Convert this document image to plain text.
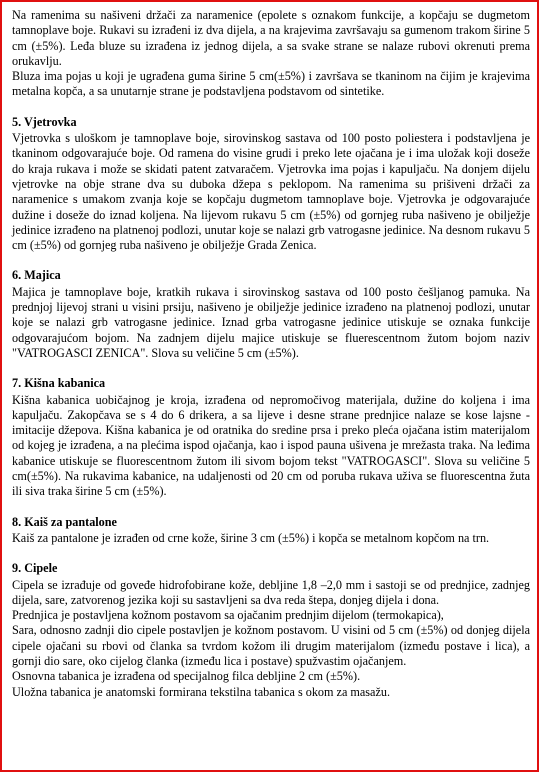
Na ramenima su našiveni držači za naramenice (epolete s oznakom funkcije, a kopčaju se dugmetom tamnoplave boje. Rukavi su izrađeni iz dva dijela, a na krajevima završavaju sa gumenom trakom širine 5 cm (±5%). Leđa bluze su izrađena iz jednog dijela, a sa svake strane se nalaze rubovi okrenuti prema orukavlju.

Bluza ima pojas u koji je ugrađena guma širine 5 cm(±5%) i završava se tkaninom na čijim je krajevima metalna kopča, a sa unutarnje strane je podstavljena podstavom od sintetike.

5. Vjetrovka

Vjetrovka s uloškom je tamnoplave boje, sirovinskog sastava od 100 posto poliestera i podstavljena je tkaninom odgovarajuće boje. Od ramena do visine grudi i preko lete ojačana je i ima uložak koji doseže do kraja rukava i može se skidati patent zatvaračem. Vjetrovka ima pojas i kapuljaču. Na donjem dijelu vjetrovke na obje strane dva su duboka džepa s peklopom. Na ramenima su prišiveni držači za naramenice s umakom zvanja koje se kopčaju dugmetom tamnoplave boje. Vjetrovka je odgovarajuće dužine i doseže do iznad koljena. Na lijevom rukavu 5 cm (±5%) od gornjeg ruba našiveno je obilježje jedinice izrađeno na platnenoj podlozi, unutar koje se nalazi grb vatrogasne jedinice. Na desnom rukavu 5 cm (±5%) od gornjeg ruba našiveno je obilježje Grada Zenica.

6. Majica

Majica je tamnoplave boje, kratkih rukava i sirovinskog sastava od 100 posto češljanog pamuka. Na prednjoj lijevoj strani u visini prsiju, našiveno je obilježje jedinice izrađeno na platnenoj podlozi, unutar koje se nalazi grb vatrogasne jedinice. Iznad grba vatrogasne jedinice utiskuje se oznaka funkcije odgovarajućom bojom. Na zadnjem dijelu majice utiskuje se fluerescentnom žutom bojom naziv "VATROGASCI ZENICA". Slova su veličine 5 cm (±5%).

7. Kišna kabanica

Kišna kabanica uobičajnog je kroja, izrađena od nepromočivog materijala, dužine do koljena i ima kapuljaču. Zakopčava se s 4 do 6 drikera, a sa lijeve i desne strane prednjice nalaze se kose lajsne - imitacije džepova. Kišna kabanica je od oratnika do sredine prsa i preko pleća ojačana istim materijalom od kojeg je izrađena, a na plećima ispod ojačanja, kao i ispod pauna ušivena je mrežasta traka. Na leđima kabanice utiskuje se fluorescentnom žutom ili sivom bojom tekst "VATROGASCI". Slova su veličine 5 cm(±5%). Na rukavima kabanice, na udaljenosti od 20 cm od poruba rukava uživa se fluorescentna žuta ili siva traka širine 5 cm (±5%).

8. Kaiš za pantalone

Kaiš za pantalone je izrađen od crne kože, širine 3 cm (±5%) i kopča se metalnom kopčom na trn.

9. Cipele

Cipela se izrađuje od goveđe hidrofobirane kože, debljine 1,8 –2,0 mm i sastoji se od prednjice, zadnjeg dijela, sare, zatvorenog jezika koji su sastavljeni sa dva reda štepa, donjeg dijela i dona.

Prednjica je postavljena kožnom postavom sa ojačanim prednjim dijelom (termokapica),

Sara, odnosno zadnji dio cipele postavljen je kožnom postavom. U visini od 5 cm (±5%) od donjeg dijela cipele ojačani su rbovi od članka sa tvrdom kožom ili drugim materijalom (između postave i lica), a gornji dio sare, oko cijelog članka (između lica i postave) spužvastim ojačanjem.

Osnovna tabanica je izrađena od specijalnog filca debljine 2 cm (±5%).

Uložna tabanica je anatomski formirana tekstilna tabanica s okom za masažu.
